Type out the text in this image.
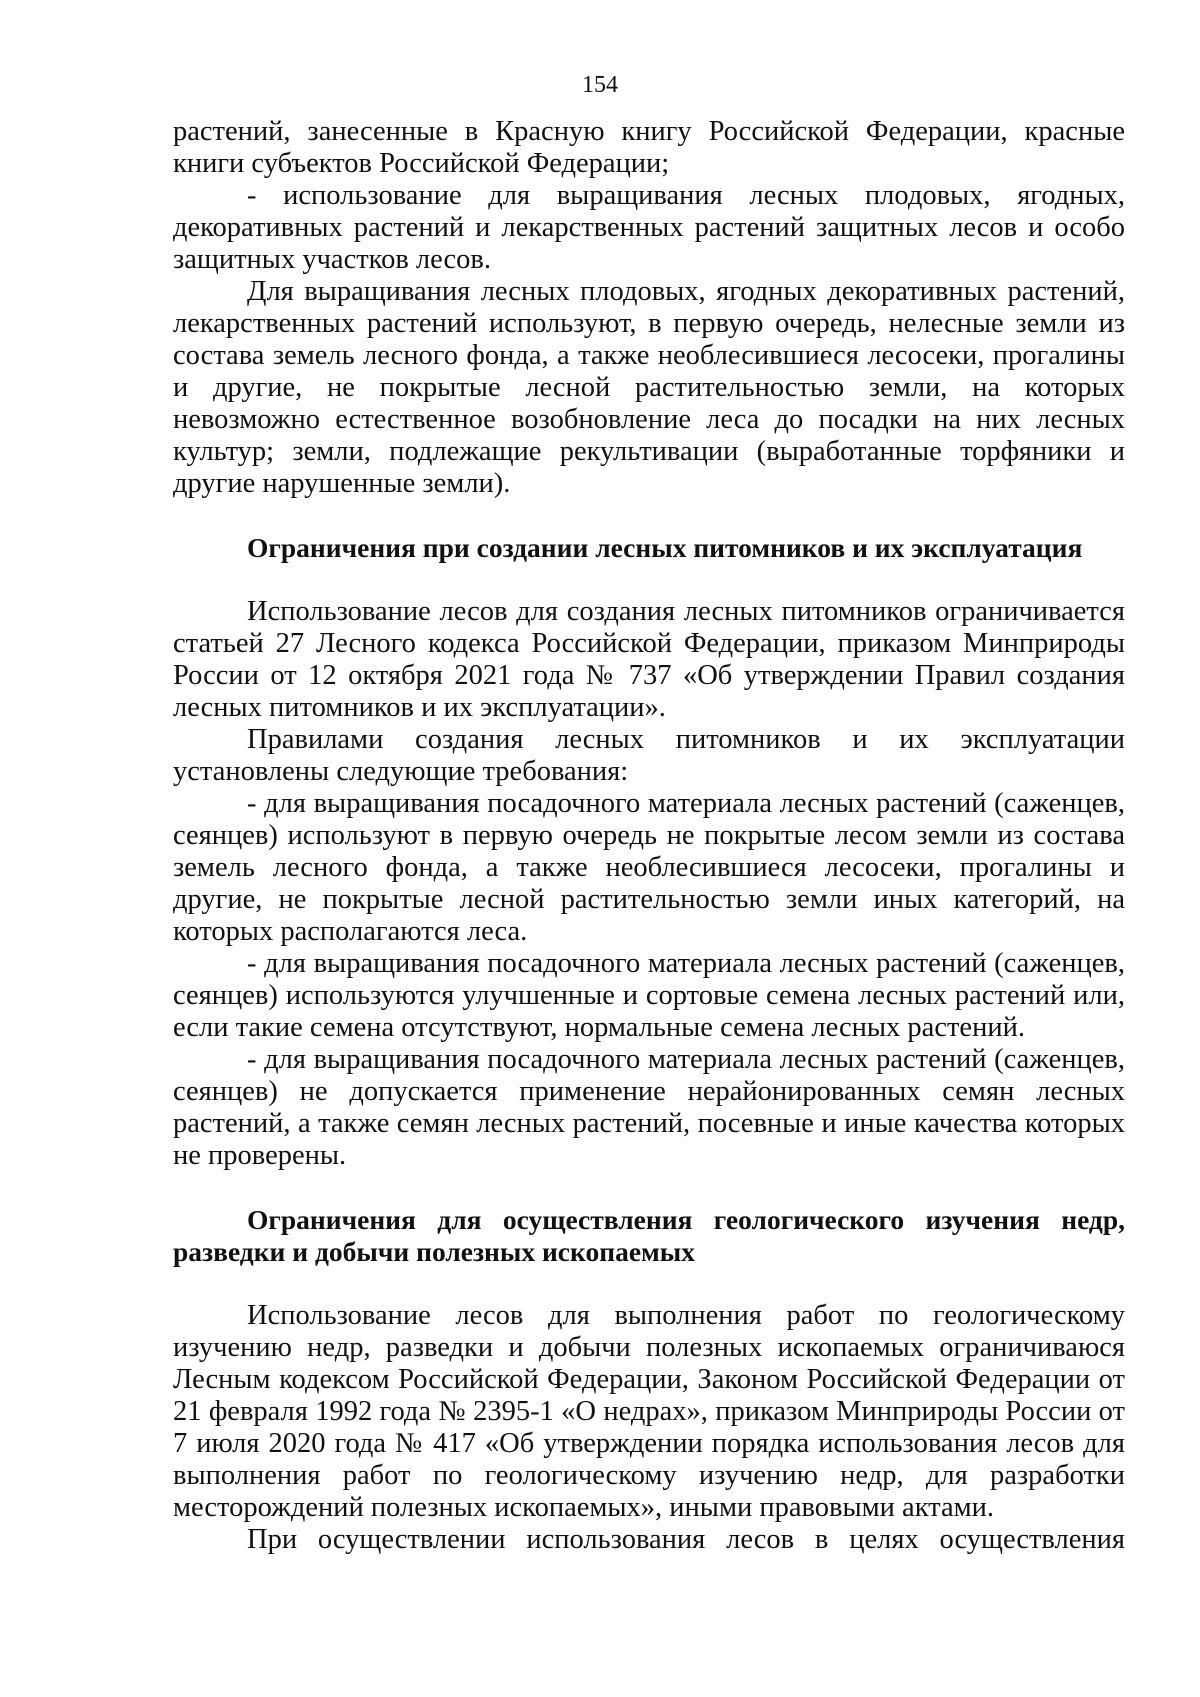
154

растений, занесенные в Красную книгу Российской Федерации, красные книги субъектов Российской Федерации;

- использование для выращивания лесных плодовых, ягодных, декоративных растений и лекарственных растений защитных лесов и особо защитных участков лесов.

Для выращивания лесных плодовых, ягодных декоративных растений, лекарственных растений используют, в первую очередь, нелесные земли из состава земель лесного фонда, а также необлесившиеся лесосеки, прогалины и другие, не покрытые лесной растительностью земли, на которых невозможно естественное возобновление леса до посадки на них лесных культур; земли, подлежащие рекультивации (выработанные торфяники и другие нарушенные земли).

Ограничения при создании лесных питомников и их эксплуатация

Использование лесов для создания лесных питомников ограничивается статьей 27 Лесного кодекса Российской Федерации, приказом Минприроды России от 12 октября 2021 года № 737 «Об утверждении Правил создания лесных питомников и их эксплуатации».

Правилами создания лесных питомников и их эксплуатации установлены следующие требования:

- для выращивания посадочного материала лесных растений (саженцев, сеянцев) используют в первую очередь не покрытые лесом земли из состава земель лесного фонда, а также необлесившиеся лесосеки, прогалины и другие, не покрытые лесной растительностью земли иных категорий, на которых располагаются леса.

- для выращивания посадочного материала лесных растений (саженцев, сеянцев) используются улучшенные и сортовые семена лесных растений или, если такие семена отсутствуют, нормальные семена лесных растений.

- для выращивания посадочного материала лесных растений (саженцев, сеянцев) не допускается применение нерайонированных семян лесных растений, а также семян лесных растений, посевные и иные качества которых не проверены.

Ограничения для осуществления геологического изучения недр, разведки и добычи полезных ископаемых

Использование лесов для выполнения работ по геологическому изучению недр, разведки и добычи полезных ископаемых ограничиваюся Лесным кодексом Российской Федерации, Законом Российской Федерации от 21 февраля 1992 года № 2395-1 «О недрах», приказом Минприроды России от 7 июля 2020 года № 417 «Об утверждении порядка использования лесов для выполнения работ по геологическому изучению недр, для разработки месторождений полезных ископаемых», иными правовыми актами.

При осуществлении использования лесов в целях осуществления
